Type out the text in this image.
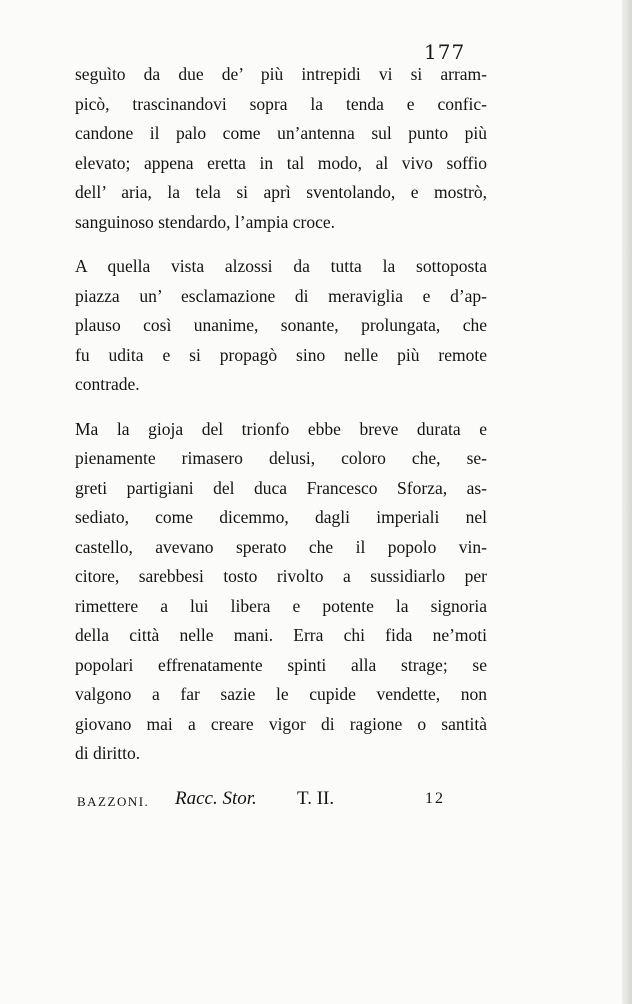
177
seguìto da due de’ più intrepidi vi si arram-
picò, trascinandovi sopra la tenda e confic-
candone il palo come un’antenna sul punto più
elevato; appena eretta in tal modo, al vivo soffio
dell’ aria, la tela si aprì sventolando, e mostrò,
sanguinoso stendardo, l’ampia croce.
A quella vista alzossi da tutta la sottoposta
piazza un’ esclamazione di meraviglia e d’ap-
plauso così unanime, sonante, prolungata, che
fu udita e si propagò sino nelle più remote
contrade.
Ma la gioja del trionfo ebbe breve durata e
pienamente rimasero delusi, coloro che, se-
greti partigiani del duca Francesco Sforza, as-
sediato, come dicemmo, dagli imperiali nel
castello, avevano sperato che il popolo vin-
citore, sarebbesi tosto rivolto a sussidiarlo per
rimettere a lui libera e potente la signoria
della città nelle mani. Erra chi fida ne’moti
popolari effrenatamente spinti alla strage; se
valgono a far sazie le cupide vendette, non
giovano mai a creare vigor di ragione o santità
di diritto.
BAZZONI. Racc. Stor. T. II.	12
